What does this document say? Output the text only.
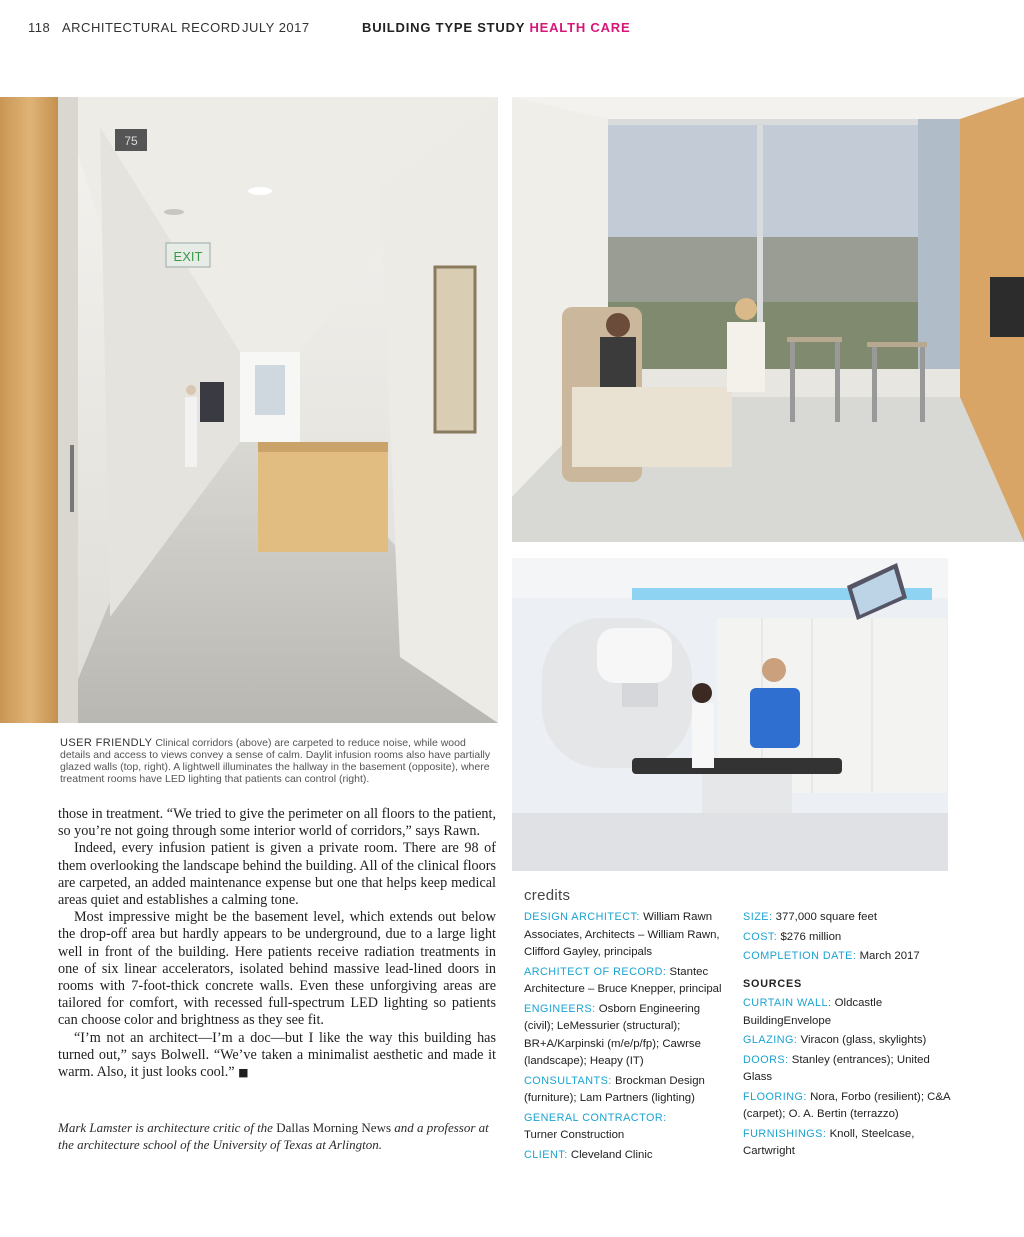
118 ARCHITECTURAL RECORD JULY 2017	BUILDING TYPE STUDY HEALTH CARE
75
EXIT
USER FRIENDLY Clinical corridors (above) are carpeted to reduce noise, while wood details and access to views convey a sense of calm. Daylit infusion rooms also have partially glazed walls (top, right). A lightwell illuminates the hallway in the basement (opposite), where treatment rooms have LED lighting that patients can control (right).

those in treatment. “We tried to give the perimeter on all floors to the patient, so you’re not going through some interior world of corridors,” says Rawn.

Indeed, every infusion patient is given a private room. There are 98 of them overlooking the landscape behind the building. All of the clinical floors are carpeted, an added maintenance expense but one that helps keep medical areas quiet and establishes a calming tone.

Most impressive might be the basement level, which extends out below the drop-off area but hardly appears to be underground, due to a large light well in front of the building. Here patients receive radiation treatments in one of six linear accelerators, isolated behind massive lead-lined doors in rooms with 7-foot-thick concrete walls. Even these unforgiving areas are tailored for comfort, with recessed full-spectrum LED lighting so patients can choose color and brightness as they see fit.

“I’m not an architect—I’m a doc—but I like the way this building has turned out,” says Bolwell. “We’ve taken a minimalist aesthetic and made it warm. Also, it just looks cool.” ■

Mark Lamster is architecture critic of the Dallas Morning News and a professor at the architecture school of the University of Texas at Arlington.
credits
DESIGN ARCHITECT: William Rawn Associates, Architects – William Rawn, Clifford Gayley, principals
ARCHITECT OF RECORD: Stantec Architecture – Bruce Knepper, principal
ENGINEERS: Osborn Engineering (civil); LeMessurier (structural); BR+A/Karpinski (m/e/p/fp); Cawrse (landscape); Heapy (IT)
CONSULTANTS: Brockman Design (furniture); Lam Partners (lighting)
GENERAL CONTRACTOR:
Turner Construction
CLIENT: Cleveland Clinic
SIZE: 377,000 square feet
COST: $276 million
COMPLETION DATE: March 2017
SOURCES
CURTAIN WALL: Oldcastle BuildingEnvelope
GLAZING: Viracon (glass, skylights)
DOORS: Stanley (entrances); United Glass
FLOORING: Nora, Forbo (resilient); C&A (carpet); O. A. Bertin (terrazzo)
FURNISHINGS: Knoll, Steelcase, Cartwright
